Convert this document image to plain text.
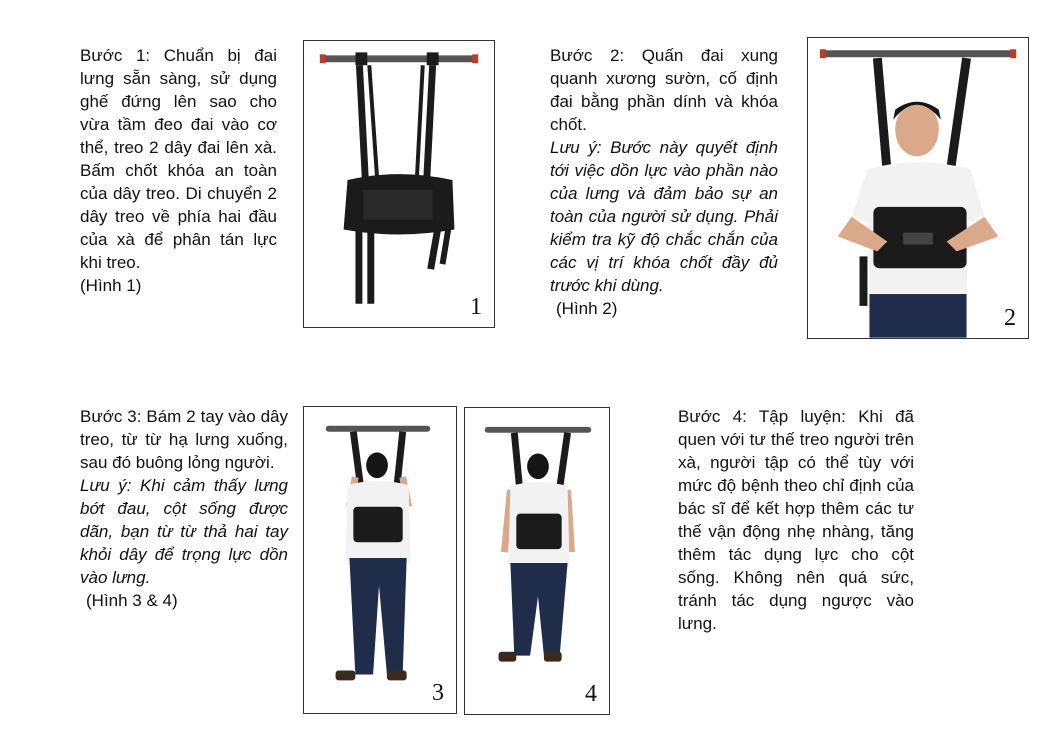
Bước 1: Chuẩn bị đai lưng sẵn sàng, sử dụng ghế đứng lên sao cho vừa tầm đeo đai vào cơ thể, treo 2 dây đai lên xà. Bấm chốt khóa an toàn của dây treo. Di chuyển 2 dây treo về phía hai đầu của xà để phân tán lực khi treo.

(Hình 1)

1

Bước 2: Quấn đai xung quanh xương sườn, cố định đai bằng phần dính và khóa chốt.

Lưu ý: Bước này quyết định tới việc dồn lực vào phần nào của lưng và đảm bảo sự an toàn của người sử dụng. Phải kiểm tra kỹ độ chắc chắn của các vị trí khóa chốt đầy đủ trước khi dùng.

(Hình 2)	2

Bước 3: Bám 2 tay vào dây treo, từ từ hạ lưng xuống, sau đó buông lỏng người.

Lưu ý: Khi cảm thấy lưng bớt đau, cột sống được dãn, bạn từ từ thả hai tay khỏi dây để trọng lực dồn vào lưng.

(Hình 3 & 4)

3	4

Bước 4: Tập luyện: Khi đã quen với tư thế treo người trên xà, người tập có thể tùy với mức độ bệnh theo chỉ định của bác sĩ để kết hợp thêm các tư thế vận động nhẹ nhàng, tăng thêm tác dụng lực cho cột sống. Không nên quá sức, tránh tác dụng ngược vào lưng.
